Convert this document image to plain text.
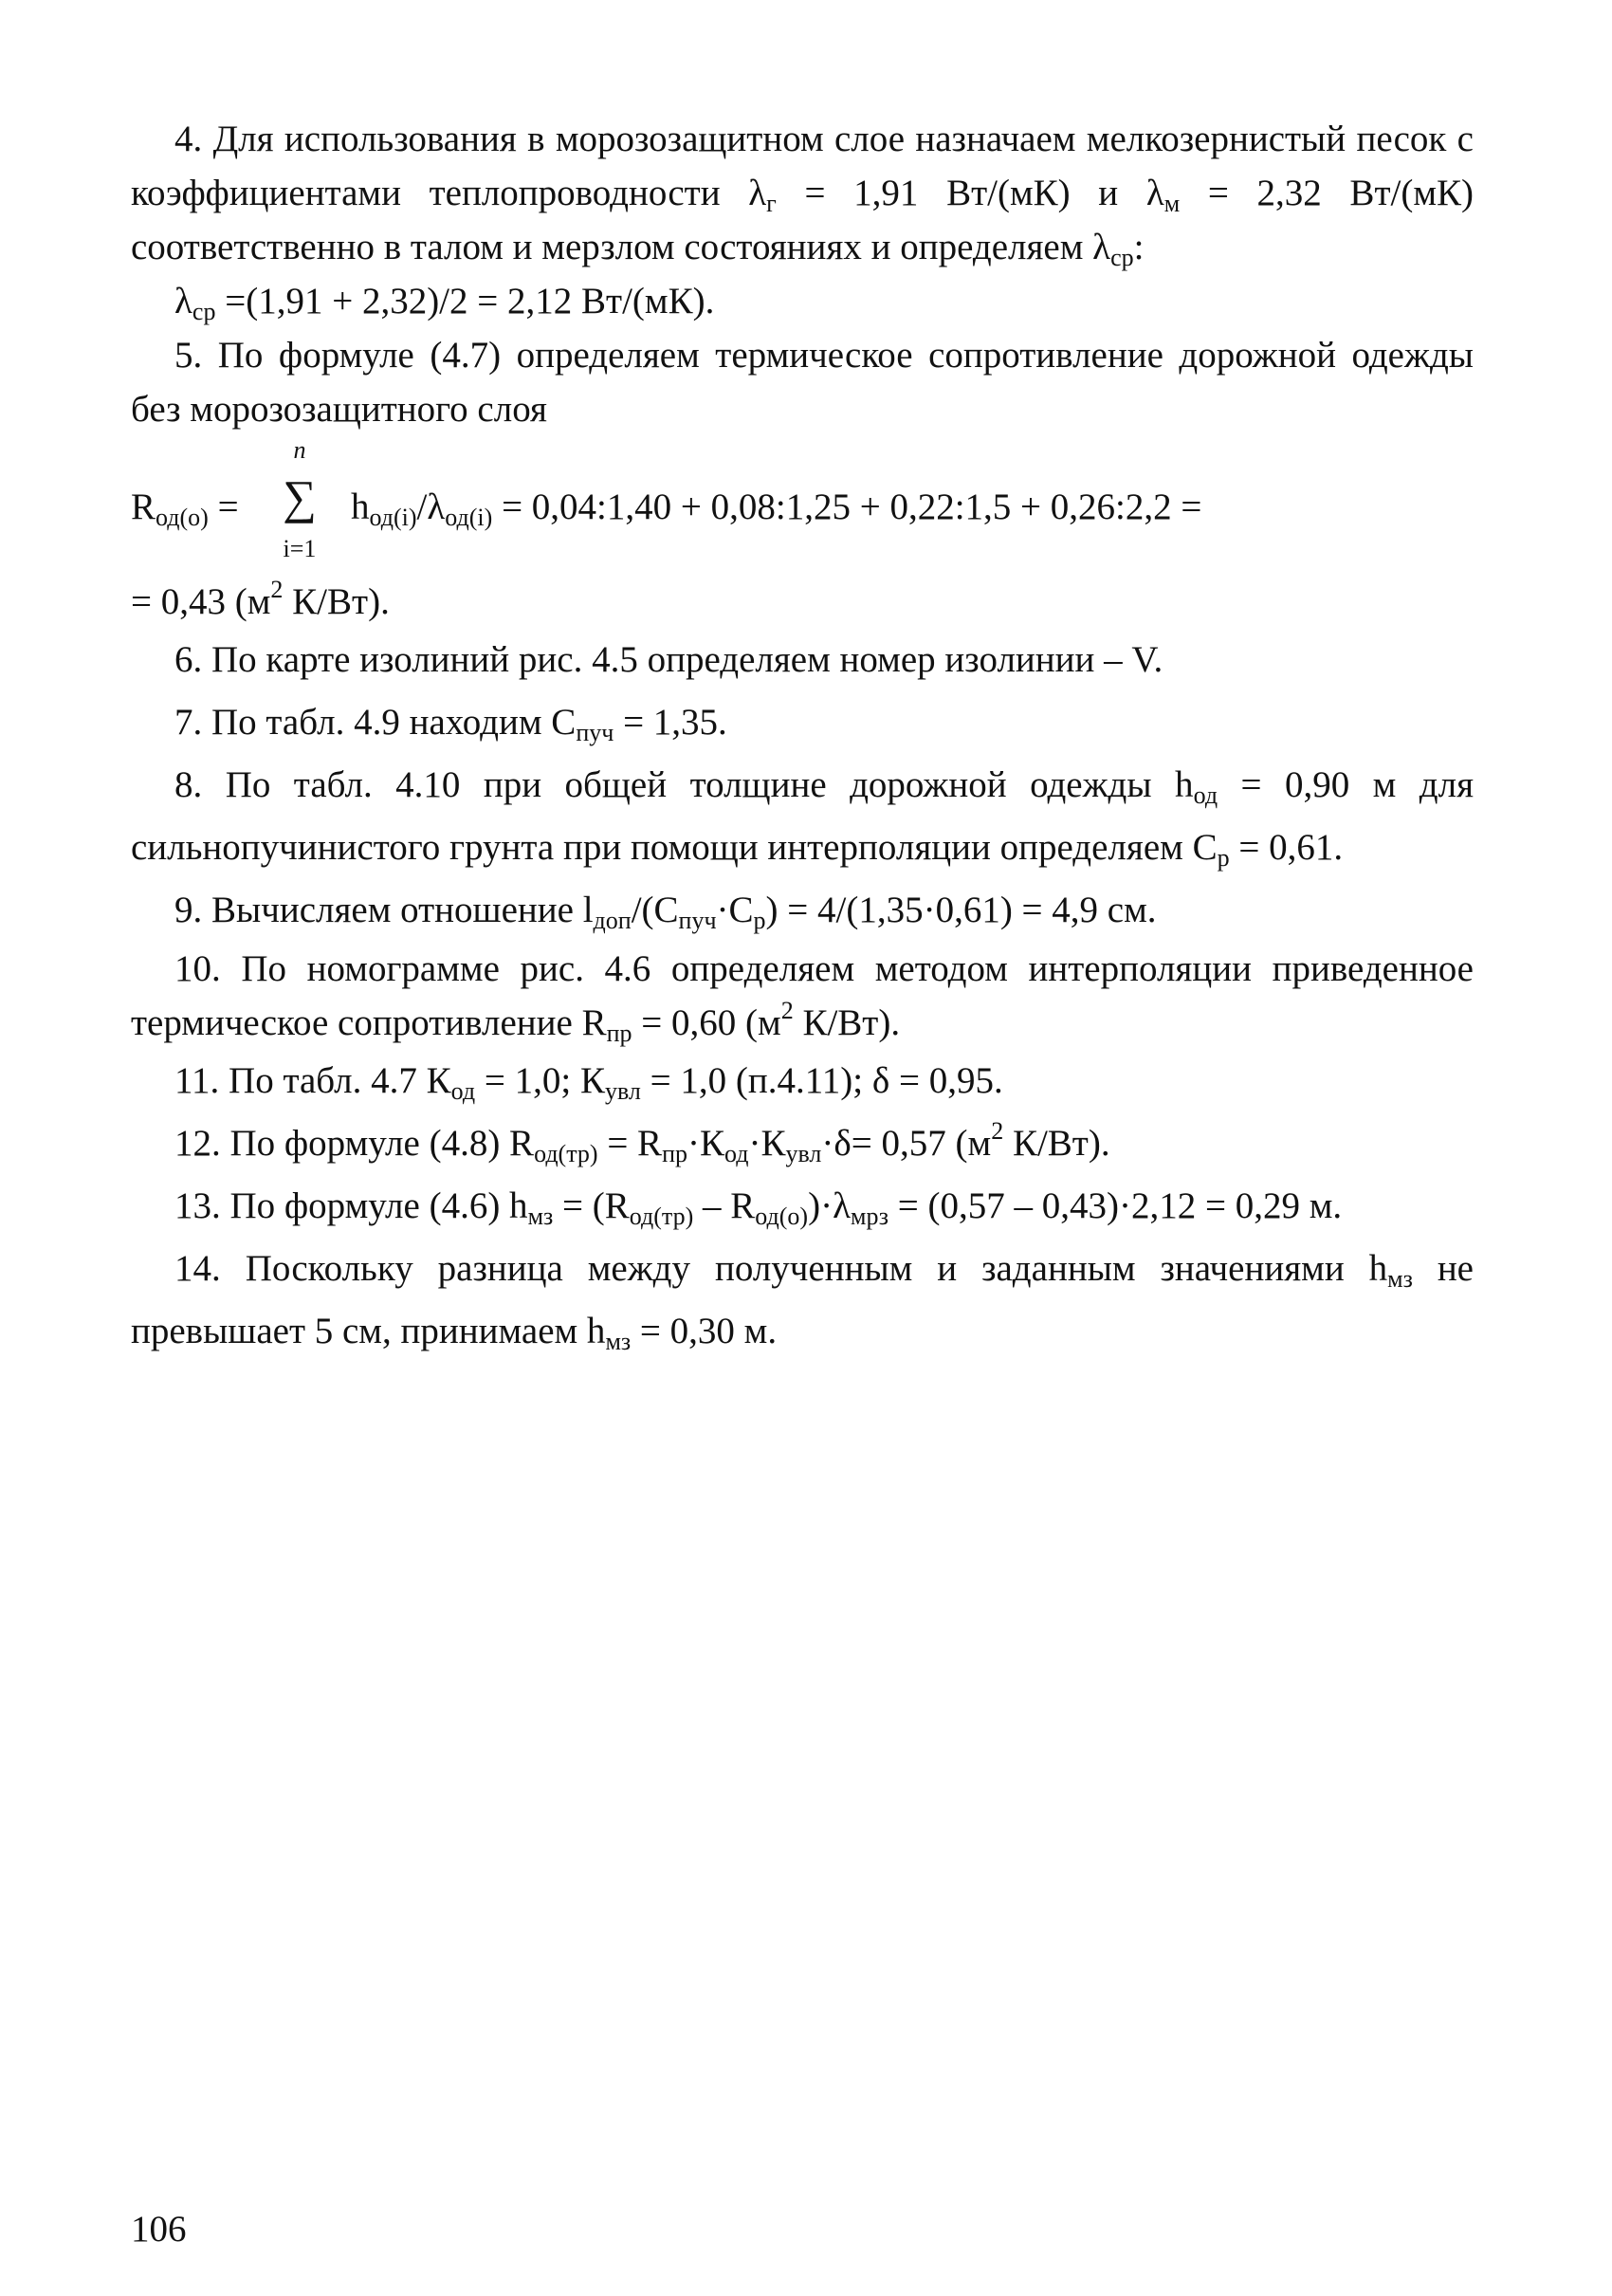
4. Для использования в морозозащитном слое назначаем мелкозернистый песок с коэффициентами теплопроводности $\lambda_г = 1,91$ Вт/(мК) и $\lambda_м = 2,32$ Вт/(мК) соответственно в талом и мерзлом состояниях и определяем $\lambda_{ср}$:

$\lambda_{ср} =(1,91 + 2,32)/2 = 2,12$ Вт/(мК).

5. По формуле (4.7) определяем термическое сопротивление дорожной одежды без морозозащитного слоя

$R_{од(о)}$ =
n
∑
i=1
$h_{од(i)}/\lambda_{од(i)}$ = 0,04:1,40 + 0,08:1,25 + 0,22:1,5 + 0,26:2,2 =

= 0,43 ($м^2$ К/Вт).

6. По карте изолиний рис. 4.5 определяем номер изолинии – V.

7. По табл. 4.9 находим $С_{пуч} = 1,35$.

8. По табл. 4.10 при общей толщине дорожной одежды $h_{од} = 0,90$ м для сильнопучинистого грунта при помощи интерполяции определяем $С_р = 0,61$.

9. Вычисляем отношение $l_{доп}/(С_{пуч}\cdot С_р) = 4/(1,35\cdot 0,61) = 4,9$ см.

10. По номограмме рис. 4.6 определяем методом интерполяции приведенное термическое сопротивление $R_{пр} = 0,60$ ($м^2$ К/Вт).

11. По табл. 4.7 $К_{од} = 1,0$; $К_{увл} = 1,0$ (п.4.11); δ = 0,95.

12. По формуле (4.8) $R_{од(тр)} = R_{пр}\cdot К_{од}\cdot К_{увл}\cdot\delta= 0,57$ ($м^2$ К/Вт).

13. По формуле (4.6) $h_{мз} = (R_{од(тр)} - R_{од(о)})\cdot\lambda_{мрз} = (0,57 - 0,43)\cdot 2,12 = 0,29$ м.

14. Поскольку разница между полученным и заданным значениями $h_{мз}$ не превышает 5 см, принимаем $h_{мз} = 0,30$ м.

106
